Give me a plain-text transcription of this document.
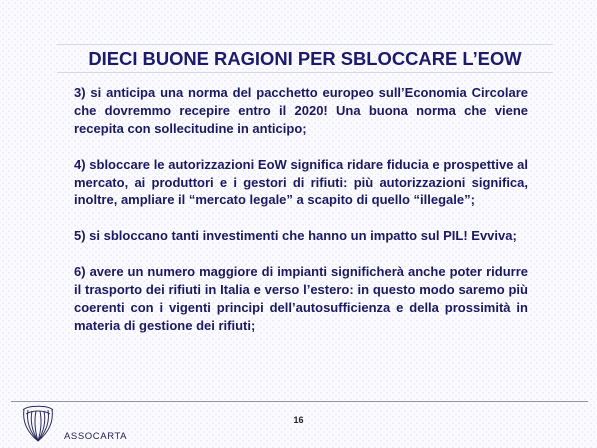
DIECI BUONE RAGIONI PER SBLOCCARE L’EOW

3) si anticipa una norma del pacchetto europeo sull’Economia Circolare che dovremmo recepire entro il 2020! Una buona norma che viene recepita con sollecitudine in anticipo;

4) sbloccare le autorizzazioni EoW significa ridare fiducia e prospettive al mercato, ai produttori e i gestori di rifiuti: più autorizzazioni significa, inoltre, ampliare il “mercato legale” a scapito di quello “illegale”;

5) si sbloccano tanti investimenti che hanno un impatto sul PIL! Evviva;

6) avere un numero maggiore di impianti significherà anche poter ridurre il trasporto dei rifiuti in Italia e verso l’estero: in questo modo saremo più coerenti con i vigenti principi dell’autosufficienza e della prossimità in materia di gestione dei rifiuti;

ASSOCARTA
16
